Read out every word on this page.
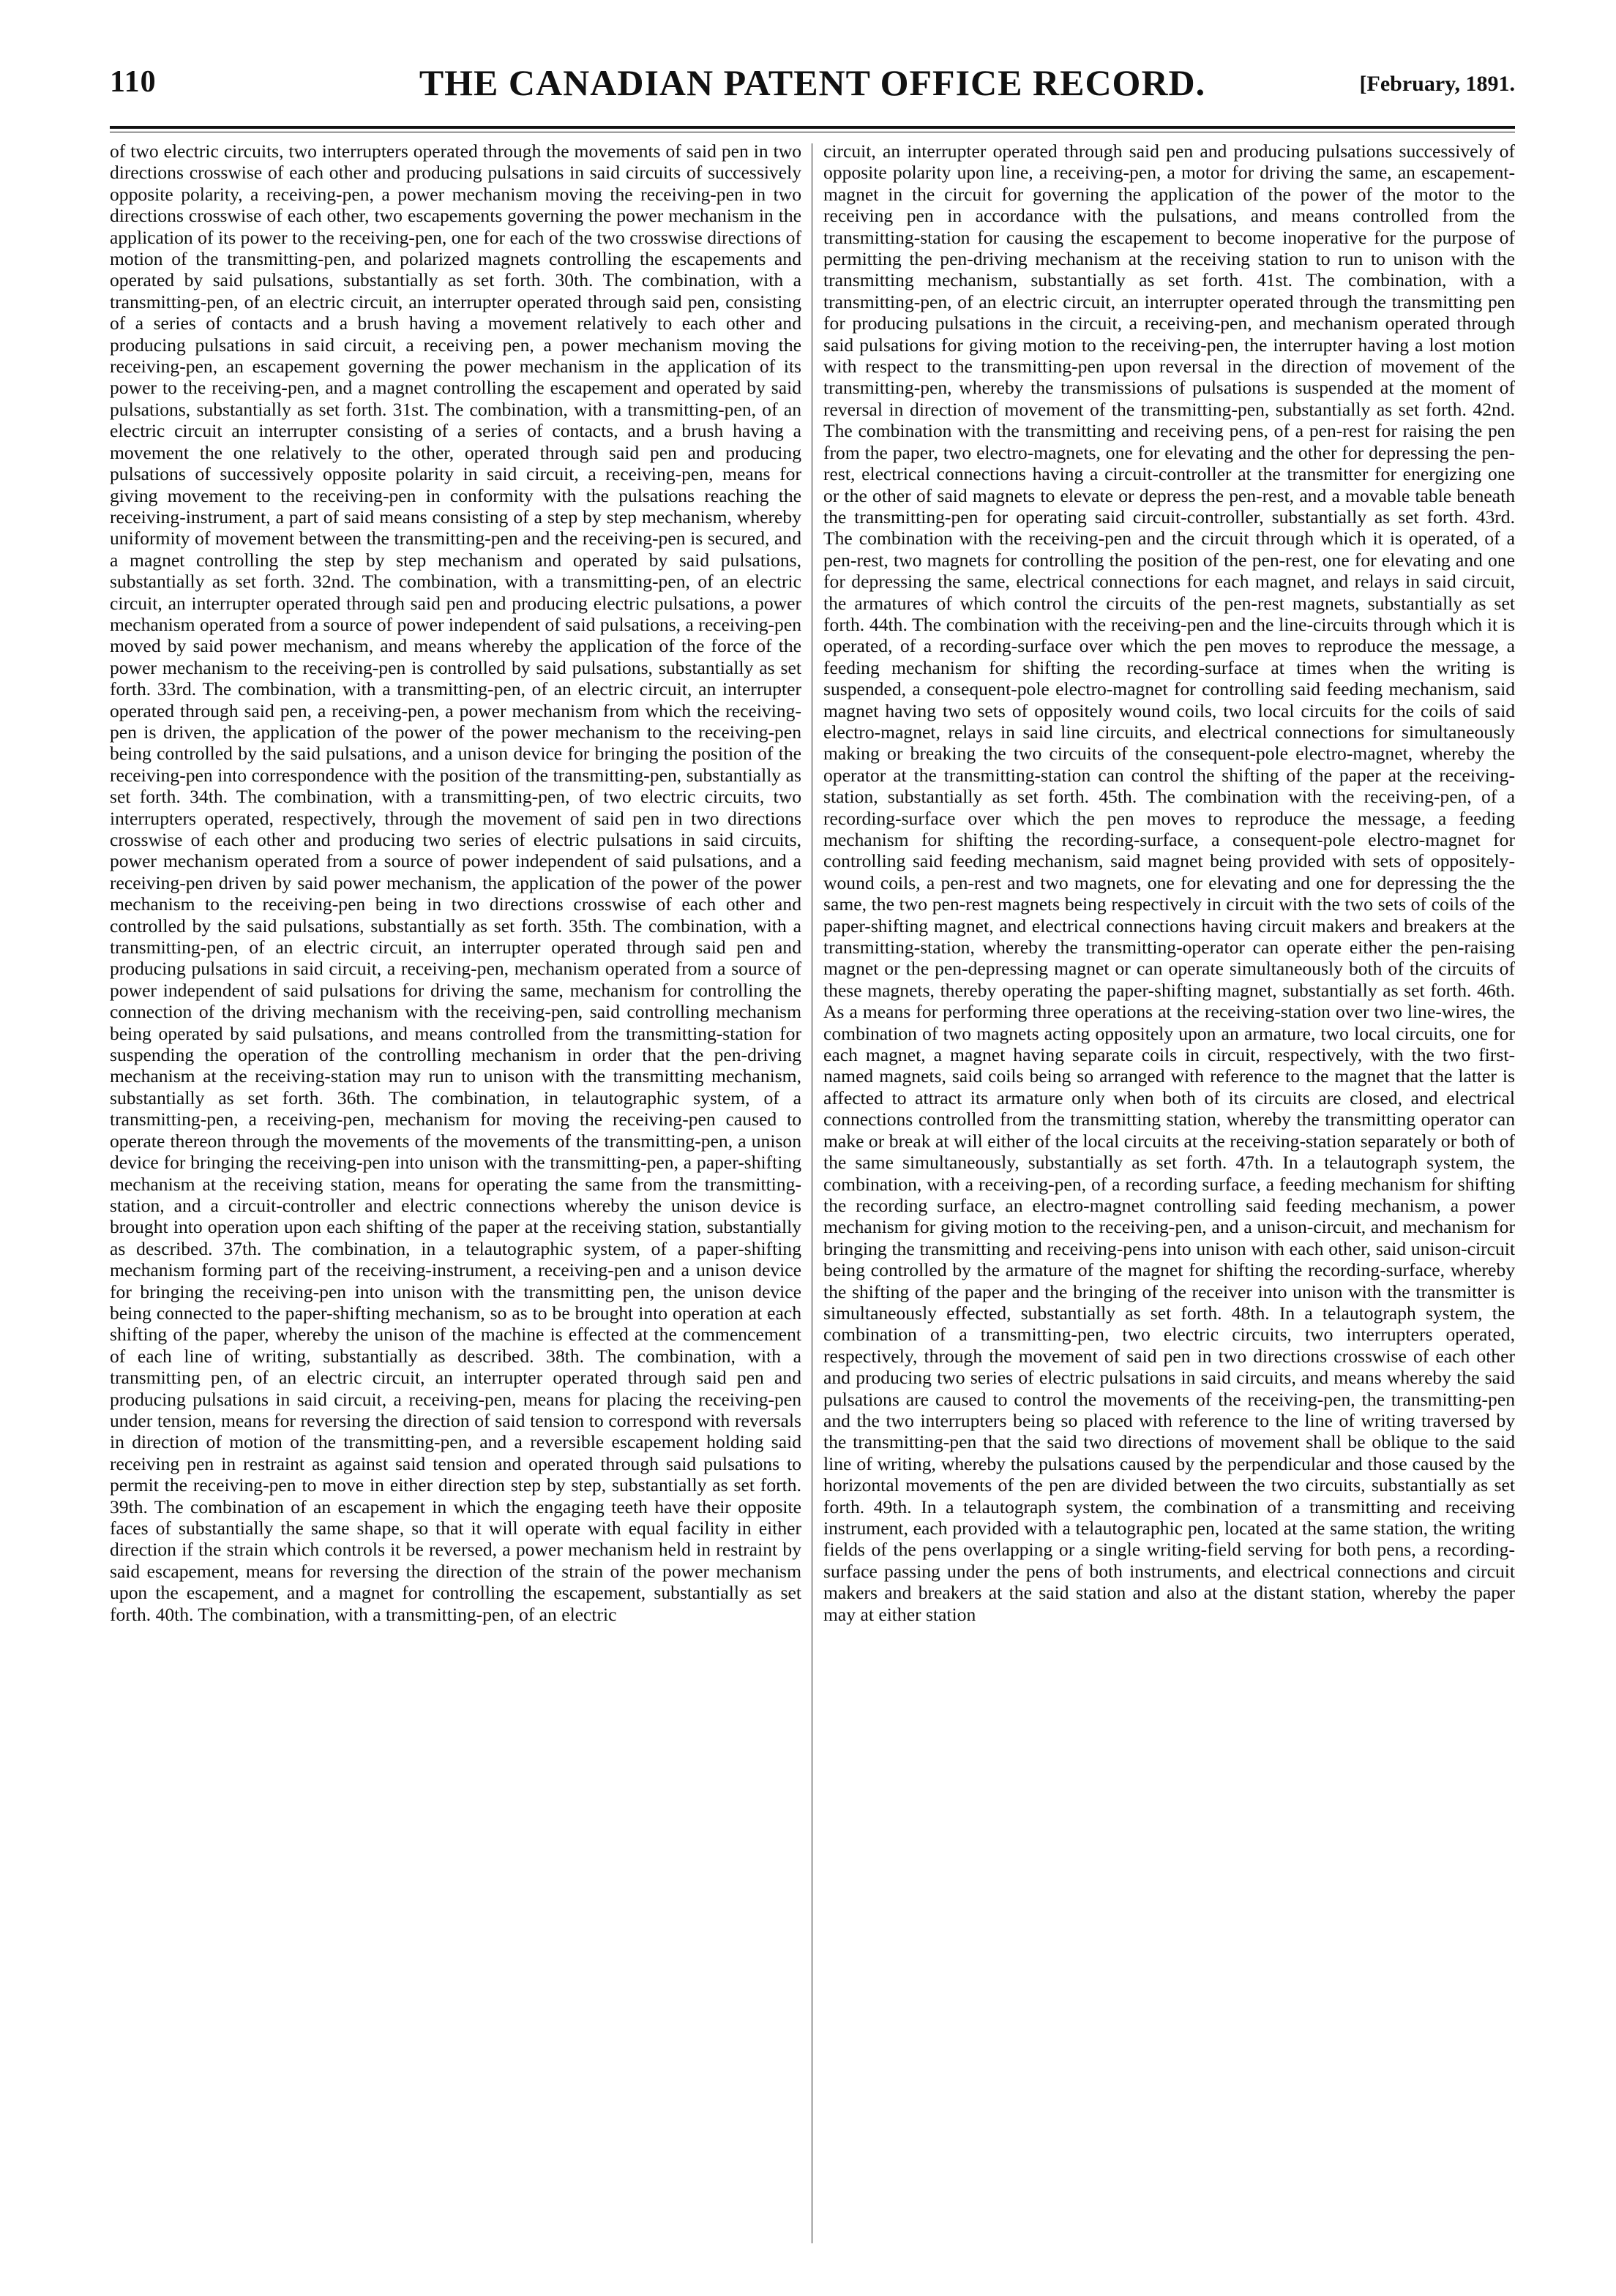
110	THE CANADIAN PATENT OFFICE RECORD.	[February, 1891.

of two electric circuits, two interrupters operated through the movements of said pen in two directions crosswise of each other and producing pulsations in said circuits of successively opposite polarity, a receiving-pen, a power mechanism moving the receiving-pen in two directions crosswise of each other, two escapements governing the power mechanism in the application of its power to the receiving-pen, one for each of the two crosswise directions of motion of the transmitting-pen, and polarized magnets controlling the escapements and operated by said pulsations, substantially as set forth. 30th. The combination, with a transmitting-pen, of an electric circuit, an interrupter operated through said pen, consisting of a series of contacts and a brush having a movement relatively to each other and producing pulsations in said circuit, a receiving pen, a power mechanism moving the receiving-pen, an escapement governing the power mechanism in the application of its power to the receiving-pen, and a magnet controlling the escapement and operated by said pulsations, substantially as set forth. 31st. The combination, with a transmitting-pen, of an electric circuit an interrupter consisting of a series of contacts, and a brush having a movement the one relatively to the other, operated through said pen and producing pulsations of successively opposite polarity in said circuit, a receiving-pen, means for giving movement to the receiving-pen in conformity with the pulsations reaching the receiving-instrument, a part of said means consisting of a step by step mechanism, whereby uniformity of movement between the transmitting-pen and the receiving-pen is secured, and a magnet controlling the step by step mechanism and operated by said pulsations, substantially as set forth. 32nd. The combination, with a transmitting-pen, of an electric circuit, an interrupter operated through said pen and producing electric pulsations, a power mechanism operated from a source of power independent of said pulsations, a receiving-pen moved by said power mechanism, and means whereby the application of the force of the power mechanism to the receiving-pen is controlled by said pulsations, substantially as set forth. 33rd. The combination, with a transmitting-pen, of an electric circuit, an interrupter operated through said pen, a receiving-pen, a power mechanism from which the receiving-pen is driven, the application of the power of the power mechanism to the receiving-pen being controlled by the said pulsations, and a unison device for bringing the position of the receiving-pen into correspondence with the position of the transmitting-pen, substantially as set forth. 34th. The combination, with a transmitting-pen, of two electric circuits, two interrupters operated, respectively, through the movement of said pen in two directions crosswise of each other and producing two series of electric pulsations in said circuits, power mechanism operated from a source of power independent of said pulsations, and a receiving-pen driven by said power mechanism, the application of the power of the power mechanism to the receiving-pen being in two directions crosswise of each other and controlled by the said pulsations, substantially as set forth. 35th. The combination, with a transmitting-pen, of an electric circuit, an interrupter operated through said pen and producing pulsations in said circuit, a receiving-pen, mechanism operated from a source of power independent of said pulsations for driving the same, mechanism for controlling the connection of the driving mechanism with the receiving-pen, said controlling mechanism being operated by said pulsations, and means controlled from the transmitting-station for suspending the operation of the controlling mechanism in order that the pen-driving mechanism at the receiving-station may run to unison with the transmitting mechanism, substantially as set forth. 36th. The combination, in telautographic system, of a transmitting-pen, a receiving-pen, mechanism for moving the receiving-pen caused to operate thereon through the movements of the movements of the transmitting-pen, a unison device for bringing the receiving-pen into unison with the transmitting-pen, a paper-shifting mechanism at the receiving station, means for operating the same from the transmitting-station, and a circuit-controller and electric connections whereby the unison device is brought into operation upon each shifting of the paper at the receiving station, substantially as described. 37th. The combination, in a telautographic system, of a paper-shifting mechanism forming part of the receiving-instrument, a receiving-pen and a unison device for bringing the receiving-pen into unison with the transmitting pen, the unison device being connected to the paper-shifting mechanism, so as to be brought into operation at each shifting of the paper, whereby the unison of the machine is effected at the commencement of each line of writing, substantially as described. 38th. The combination, with a transmitting pen, of an electric circuit, an interrupter operated through said pen and producing pulsations in said circuit, a receiving-pen, means for placing the receiving-pen under tension, means for reversing the direction of said tension to correspond with reversals in direction of motion of the transmitting-pen, and a reversible escapement holding said receiving pen in restraint as against said tension and operated through said pulsations to permit the receiving-pen to move in either direction step by step, substantially as set forth. 39th. The combination of an escapement in which the engaging teeth have their opposite faces of substantially the same shape, so that it will operate with equal facility in either direction if the strain which controls it be reversed, a power mechanism held in restraint by said escapement, means for reversing the direction of the strain of the power mechanism upon the escapement, and a magnet for controlling the escapement, substantially as set forth. 40th. The combination, with a transmitting-pen, of an electric

circuit, an interrupter operated through said pen and producing pulsations successively of opposite polarity upon line, a receiving-pen, a motor for driving the same, an escapement-magnet in the circuit for governing the application of the power of the motor to the receiving pen in accordance with the pulsations, and means controlled from the transmitting-station for causing the escapement to become inoperative for the purpose of permitting the pen-driving mechanism at the receiving station to run to unison with the transmitting mechanism, substantially as set forth. 41st. The combination, with a transmitting-pen, of an electric circuit, an interrupter operated through the transmitting pen for producing pulsations in the circuit, a receiving-pen, and mechanism operated through said pulsations for giving motion to the receiving-pen, the interrupter having a lost motion with respect to the transmitting-pen upon reversal in the direction of movement of the transmitting-pen, whereby the transmissions of pulsations is suspended at the moment of reversal in direction of movement of the transmitting-pen, substantially as set forth. 42nd. The combination with the transmitting and receiving pens, of a pen-rest for raising the pen from the paper, two electro-magnets, one for elevating and the other for depressing the pen-rest, electrical connections having a circuit-controller at the transmitter for energizing one or the other of said magnets to elevate or depress the pen-rest, and a movable table beneath the transmitting-pen for operating said circuit-controller, substantially as set forth. 43rd. The combination with the receiving-pen and the circuit through which it is operated, of a pen-rest, two magnets for controlling the position of the pen-rest, one for elevating and one for depressing the same, electrical connections for each magnet, and relays in said circuit, the armatures of which control the circuits of the pen-rest magnets, substantially as set forth. 44th. The combination with the receiving-pen and the line-circuits through which it is operated, of a recording-surface over which the pen moves to reproduce the message, a feeding mechanism for shifting the recording-surface at times when the writing is suspended, a consequent-pole electro-magnet for controlling said feeding mechanism, said magnet having two sets of oppositely wound coils, two local circuits for the coils of said electro-magnet, relays in said line circuits, and electrical connections for simultaneously making or breaking the two circuits of the consequent-pole electro-magnet, whereby the operator at the transmitting-station can control the shifting of the paper at the receiving-station, substantially as set forth. 45th. The combination with the receiving-pen, of a recording-surface over which the pen moves to reproduce the message, a feeding mechanism for shifting the recording-surface, a consequent-pole electro-magnet for controlling said feeding mechanism, said magnet being provided with sets of oppositely-wound coils, a pen-rest and two magnets, one for elevating and one for depressing the the same, the two pen-rest magnets being respectively in circuit with the two sets of coils of the paper-shifting magnet, and electrical connections having circuit makers and breakers at the transmitting-station, whereby the transmitting-operator can operate either the pen-raising magnet or the pen-depressing magnet or can operate simultaneously both of the circuits of these magnets, thereby operating the paper-shifting magnet, substantially as set forth. 46th. As a means for performing three operations at the receiving-station over two line-wires, the combination of two magnets acting oppositely upon an armature, two local circuits, one for each magnet, a magnet having separate coils in circuit, respectively, with the two first-named magnets, said coils being so arranged with reference to the magnet that the latter is affected to attract its armature only when both of its circuits are closed, and electrical connections controlled from the transmitting station, whereby the transmitting operator can make or break at will either of the local circuits at the receiving-station separately or both of the same simultaneously, substantially as set forth. 47th. In a telautograph system, the combination, with a receiving-pen, of a recording surface, a feeding mechanism for shifting the recording surface, an electro-magnet controlling said feeding mechanism, a power mechanism for giving motion to the receiving-pen, and a unison-circuit, and mechanism for bringing the transmitting and receiving-pens into unison with each other, said unison-circuit being controlled by the armature of the magnet for shifting the recording-surface, whereby the shifting of the paper and the bringing of the receiver into unison with the transmitter is simultaneously effected, substantially as set forth. 48th. In a telautograph system, the combination of a transmitting-pen, two electric circuits, two interrupters operated, respectively, through the movement of said pen in two directions crosswise of each other and producing two series of electric pulsations in said circuits, and means whereby the said pulsations are caused to control the movements of the receiving-pen, the transmitting-pen and the two interrupters being so placed with reference to the line of writing traversed by the transmitting-pen that the said two directions of movement shall be oblique to the said line of writing, whereby the pulsations caused by the perpendicular and those caused by the horizontal movements of the pen are divided between the two circuits, substantially as set forth. 49th. In a telautograph system, the combination of a transmitting and receiving instrument, each provided with a telautographic pen, located at the same station, the writing fields of the pens overlapping or a single writing-field serving for both pens, a recording-surface passing under the pens of both instruments, and electrical connections and circuit makers and breakers at the said station and also at the distant station, whereby the paper may at either station
